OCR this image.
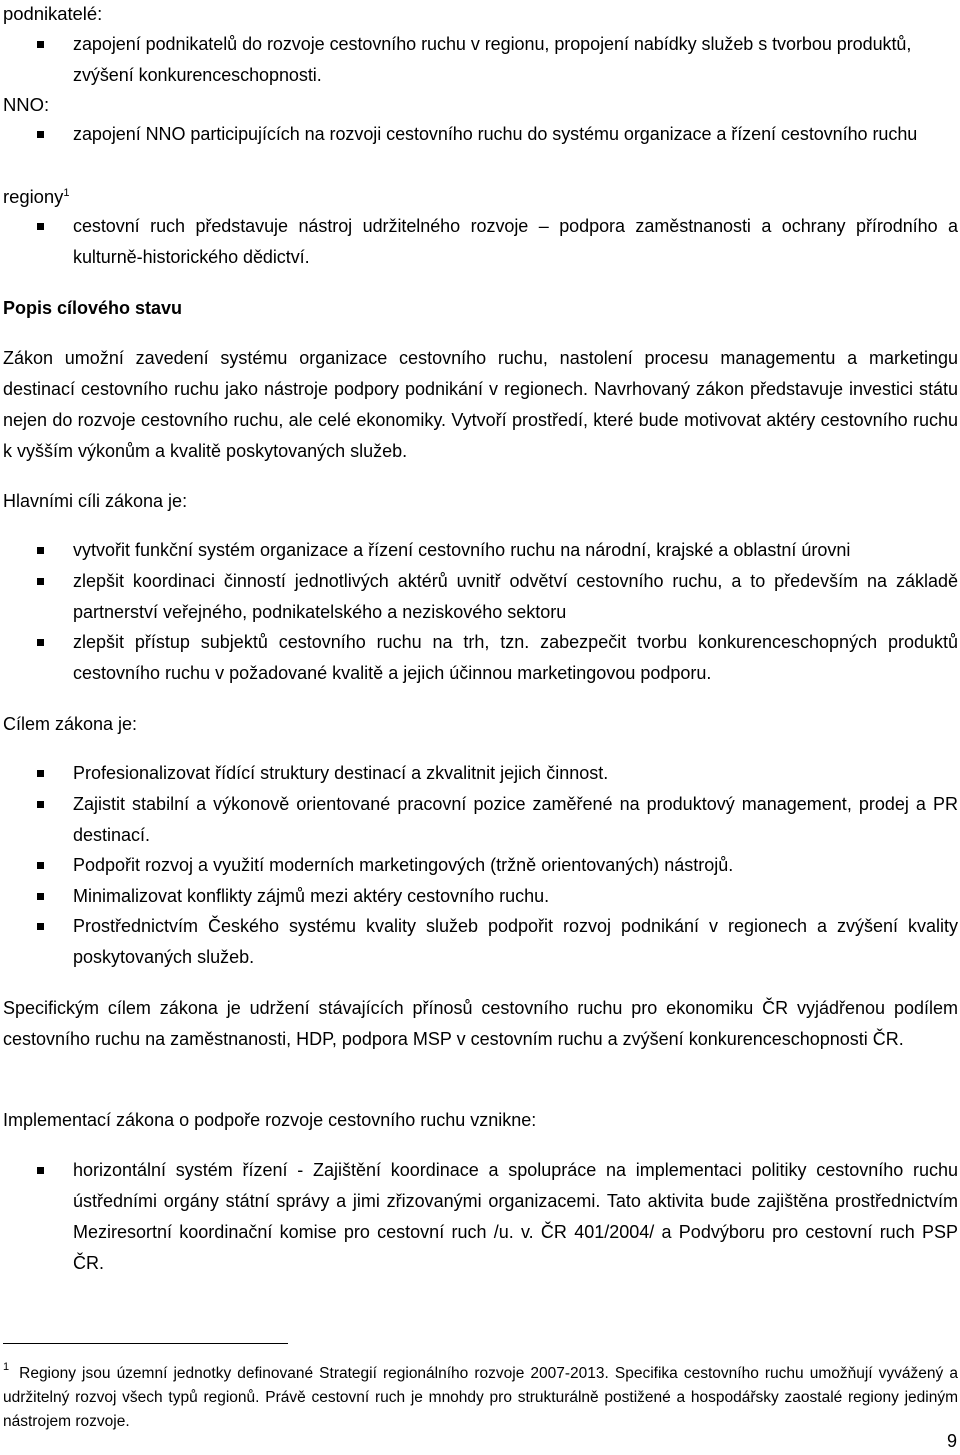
podnikatelé:
zapojení podnikatelů do rozvoje cestovního ruchu v regionu, propojení nabídky služeb s tvorbou produktů, zvýšení konkurenceschopnosti.
NNO:
zapojení NNO participujících na rozvoji cestovního ruchu do systému organizace a řízení cestovního ruchu
regiony$^1$
cestovní ruch představuje nástroj udržitelného rozvoje – podpora zaměstnanosti a ochrany přírodního a kulturně-historického dědictví.
Popis cílového stavu
Zákon umožní zavedení systému organizace cestovního ruchu, nastolení procesu managementu a marketingu destinací cestovního ruchu jako nástroje podpory podnikání v regionech. Navrhovaný zákon představuje investici státu nejen do rozvoje cestovního ruchu, ale celé ekonomiky. Vytvoří prostředí, které bude motivovat aktéry cestovního ruchu k vyšším výkonům a kvalitě poskytovaných služeb.
Hlavními cíli zákona je:
vytvořit funkční systém organizace a řízení cestovního ruchu na národní, krajské a oblastní úrovni
zlepšit koordinaci činností jednotlivých aktérů uvnitř odvětví cestovního ruchu, a to především na základě partnerství veřejného, podnikatelského a neziskového sektoru
zlepšit přístup subjektů cestovního ruchu na trh, tzn. zabezpečit tvorbu konkurenceschopných produktů cestovního ruchu v požadované kvalitě a jejich účinnou marketingovou podporu.
Cílem zákona je:
Profesionalizovat řídící struktury destinací a zkvalitnit jejich činnost.
Zajistit stabilní a výkonově orientované pracovní pozice zaměřené na produktový management, prodej a PR destinací.
Podpořit rozvoj a využití moderních marketingových (tržně orientovaných) nástrojů.
Minimalizovat konflikty zájmů mezi aktéry cestovního ruchu.
Prostřednictvím Českého systému kvality služeb podpořit rozvoj podnikání v regionech a zvýšení kvality poskytovaných služeb.
Specifickým cílem zákona je udržení stávajících přínosů cestovního ruchu pro ekonomiku ČR vyjádřenou podílem cestovního ruchu na zaměstnanosti, HDP, podpora MSP v cestovním ruchu a zvýšení konkurenceschopnosti ČR.
Implementací zákona o podpoře rozvoje cestovního ruchu vznikne:
horizontální systém řízení - Zajištění koordinace a spolupráce na implementaci politiky cestovního ruchu ústředními orgány státní správy a jimi zřizovanými organizacemi. Tato aktivita bude zajištěna prostřednictvím Meziresortní koordinační komise pro cestovní ruch /u. v. ČR 401/2004/ a Podvýboru pro cestovní ruch PSP ČR.
$^1$ Regiony jsou územní jednotky definované Strategií regionálního rozvoje 2007-2013. Specifika cestovního ruchu umožňují vyvážený a udržitelný rozvoj všech typů regionů. Právě cestovní ruch je mnohdy pro strukturálně postižené a hospodářsky zaostalé regiony jediným nástrojem rozvoje.
9
